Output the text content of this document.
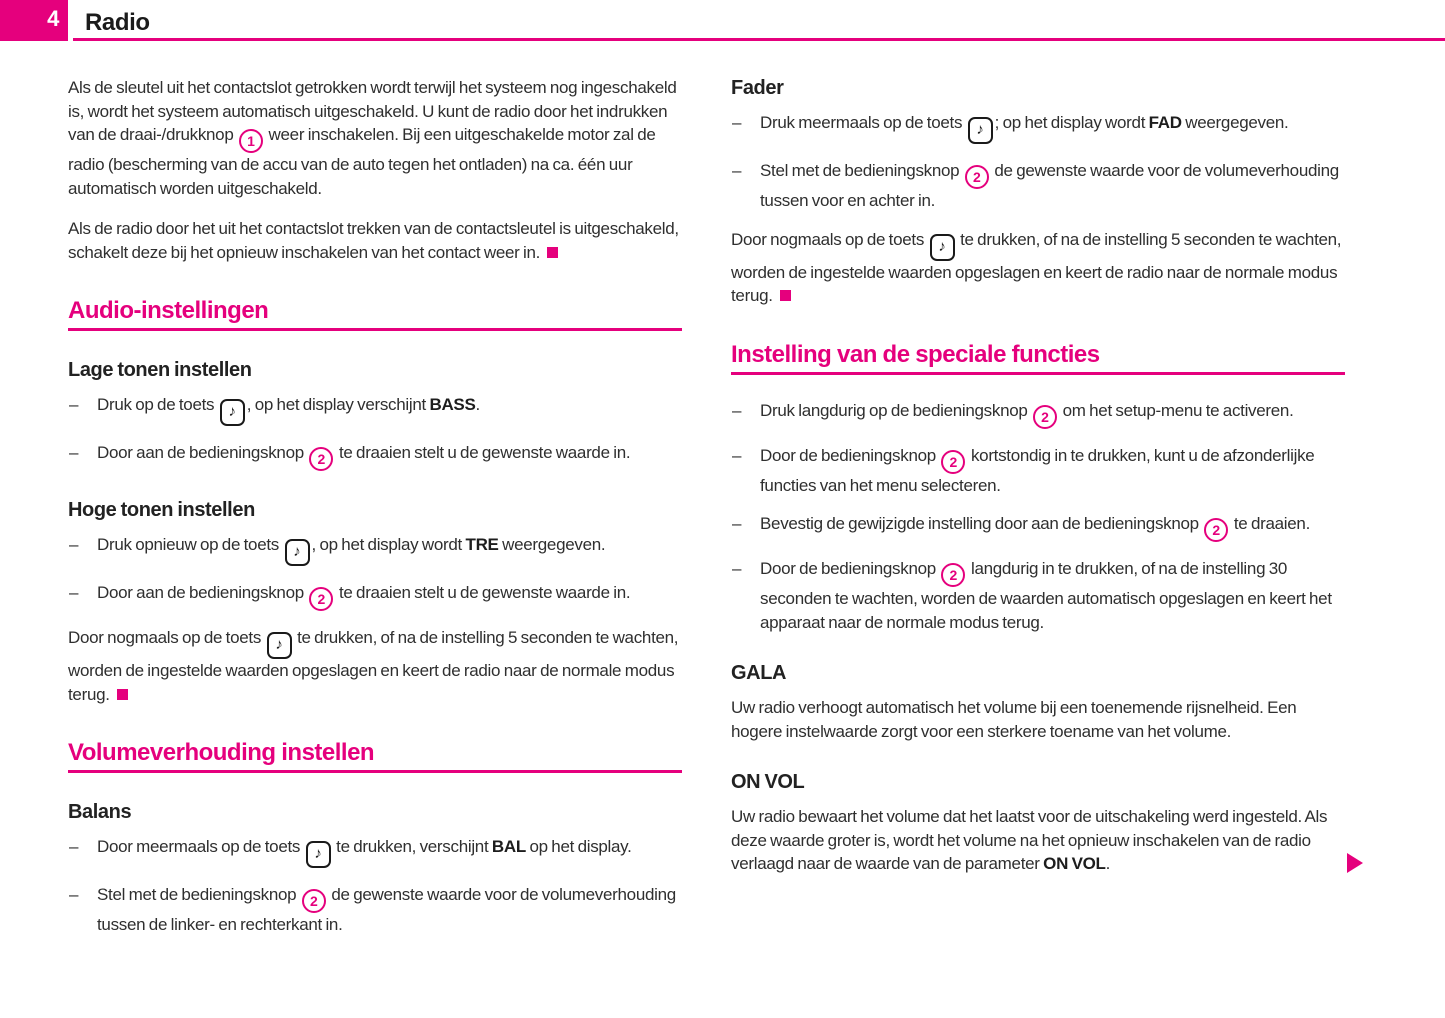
4 Radio

Als de sleutel uit het contactslot getrokken wordt terwijl het systeem nog ingeschakeld is, wordt het systeem automatisch uitgeschakeld. U kunt de radio door het indrukken van de draai-/drukknop 1 weer inschakelen. Bij een uitgeschakelde motor zal de radio (bescherming van de accu van de auto tegen het ontladen) na ca. één uur automatisch worden uitgeschakeld.

Als de radio door het uit het contactslot trekken van de contactsleutel is uitgeschakeld, schakelt deze bij het opnieuw inschakelen van het contact weer in.

Audio-instellingen
Lage tonen instellen
– Druk op de toets ♪ , op het display verschijnt BASS.
– Door aan de bedieningsknop 2 te draaien stelt u de gewenste waarde in.
Hoge tonen instellen
– Druk opnieuw op de toets ♪ , op het display wordt TRE weergegeven.
– Door aan de bedieningsknop 2 te draaien stelt u de gewenste waarde in.

Door nogmaals op de toets ♪ te drukken, of na de instelling 5 seconden te wachten, worden de ingestelde waarden opgeslagen en keert de radio naar de normale modus terug.

Volumeverhouding instellen
Balans
– Door meermaals op de toets ♪ te drukken, verschijnt BAL op het display.
– Stel met de bedieningsknop 2 de gewenste waarde voor de volumeverhouding tussen de linker- en rechterkant in.
Fader
– Druk meermaals op de toets ♪ ; op het display wordt FAD weergegeven.
– Stel met de bedieningsknop 2 de gewenste waarde voor de volumeverhouding tussen voor en achter in.

Door nogmaals op de toets ♪ te drukken, of na de instelling 5 seconden te wachten, worden de ingestelde waarden opgeslagen en keert de radio naar de normale modus terug.

Instelling van de speciale functies
– Druk langdurig op de bedieningsknop 2 om het setup-menu te activeren.
– Door de bedieningsknop 2 kortstondig in te drukken, kunt u de afzonderlijke functies van het menu selecteren.
– Bevestig de gewijzigde instelling door aan de bedieningsknop 2 te draaien.
– Door de bedieningsknop 2 langdurig in te drukken, of na de instelling 30 seconden te wachten, worden de waarden automatisch opgeslagen en keert het apparaat naar de normale modus terug.
GALA

Uw radio verhoogt automatisch het volume bij een toenemende rijsnelheid. Een hogere instelwaarde zorgt voor een sterkere toename van het volume.

ON VOL

Uw radio bewaart het volume dat het laatst voor de uitschakeling werd ingesteld. Als deze waarde groter is, wordt het volume na het opnieuw inschakelen van de radio verlaagd naar de waarde van de parameter ON VOL.
